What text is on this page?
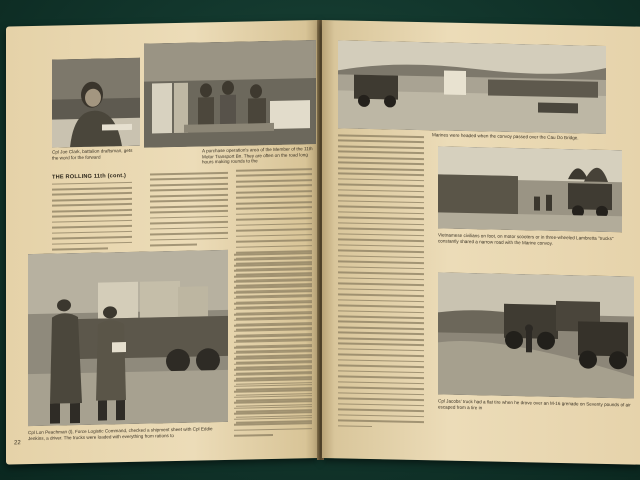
Cpl Joe Clark, battalion draftsman, gets the word for the forward
A purchase operation's area of the Member of the 11th Motor Transport Bn. They are often on the road long hours making rounds to the
THE ROLLING 11th (cont.)
Cpl Lon Peachman (l), Force Logistic Command, checked a shipment sheet with Cpl Eddie Jenkins, a driver. The trucks were loaded with everything from rations to
22
Marines were headed when the convoy passed over the Cau Do Bridge.
Vietnamese civilians on foot, on motor scooters or in three-wheeled Lambretta "trucks" constantly shared a narrow road with the Marine convoy.
Cpl Jacobs' truck had a flat tire when he drove over an M-16 grenade on Seventy pounds of air escaped from a tire in
